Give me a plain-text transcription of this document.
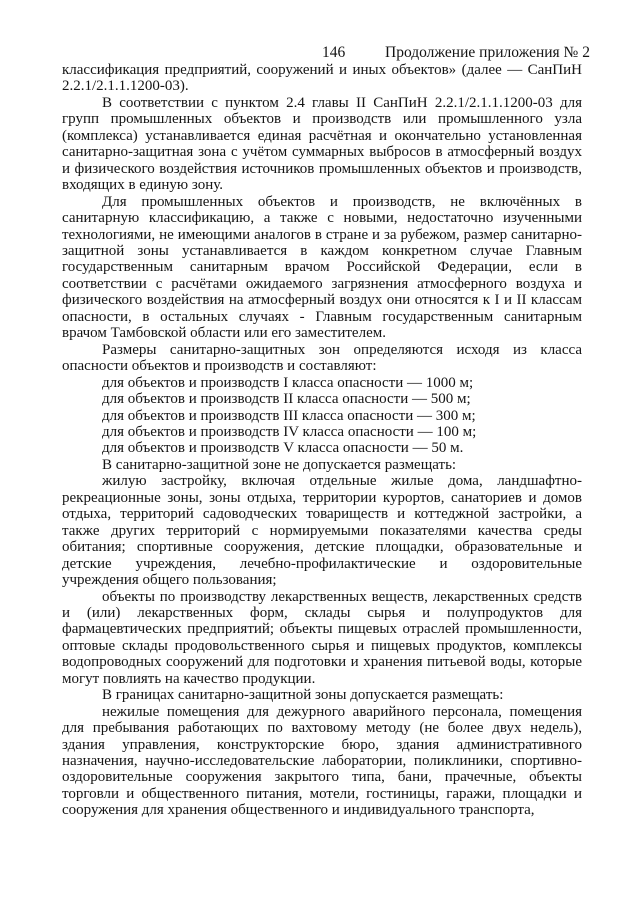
146	Продолжение приложения № 2

классификация предприятий, сооружений и иных объектов» (далее — СанПиН 2.2.1/2.1.1.1200-03).

В соответствии с пунктом 2.4 главы II СанПиН 2.2.1/2.1.1.1200-03 для групп промышленных объектов и производств или промышленного узла (комплекса) устанавливается единая расчётная и окончательно установленная санитарно-защитная зона с учётом суммарных выбросов в атмосферный воздух и физического воздействия источников промышленных объектов и производств, входящих в единую зону.

Для промышленных объектов и производств, не включённых в санитарную классификацию, а также с новыми, недостаточно изученными технологиями, не имеющими аналогов в стране и за рубежом, размер санитарно-защитной зоны устанавливается в каждом конкретном случае Главным государственным санитарным врачом Российской Федерации, если в соответствии с расчётами ожидаемого загрязнения атмосферного воздуха и физического воздействия на атмосферный воздух они относятся к I и II классам опасности, в остальных случаях - Главным государственным санитарным врачом Тамбовской области или его заместителем.

Размеры санитарно-защитных зон определяются исходя из класса опасности объектов и производств и составляют:

для объектов и производств I класса опасности — 1000 м;

для объектов и производств II класса опасности — 500 м;

для объектов и производств III класса опасности — 300 м;

для объектов и производств IV класса опасности — 100 м;

для объектов и производств V класса опасности — 50 м.

В санитарно-защитной зоне не допускается размещать:

жилую застройку, включая отдельные жилые дома, ландшафтно-рекреационные зоны, зоны отдыха, территории курортов, санаториев и домов отдыха, территорий садоводческих товариществ и коттеджной застройки, а также других территорий с нормируемыми показателями качества среды обитания; спортивные сооружения, детские площадки, образовательные и детские учреждения, лечебно-профилактические и оздоровительные учреждения общего пользования;

объекты по производству лекарственных веществ, лекарственных средств и (или) лекарственных форм, склады сырья и полупродуктов для фармацевтических предприятий; объекты пищевых отраслей промышленности, оптовые склады продовольственного сырья и пищевых продуктов, комплексы водопроводных сооружений для подготовки и хранения питьевой воды, которые могут повлиять на качество продукции.

В границах санитарно-защитной зоны допускается размещать:

нежилые помещения для дежурного аварийного персонала, помещения для пребывания работающих по вахтовому методу (не более двух недель), здания управления, конструкторские бюро, здания административного назначения, научно-исследовательские лаборатории, поликлиники, спортивно-оздоровительные сооружения закрытого типа, бани, прачечные, объекты торговли и общественного питания, мотели, гостиницы, гаражи, площадки и сооружения для хранения общественного и индивидуального транспорта,
